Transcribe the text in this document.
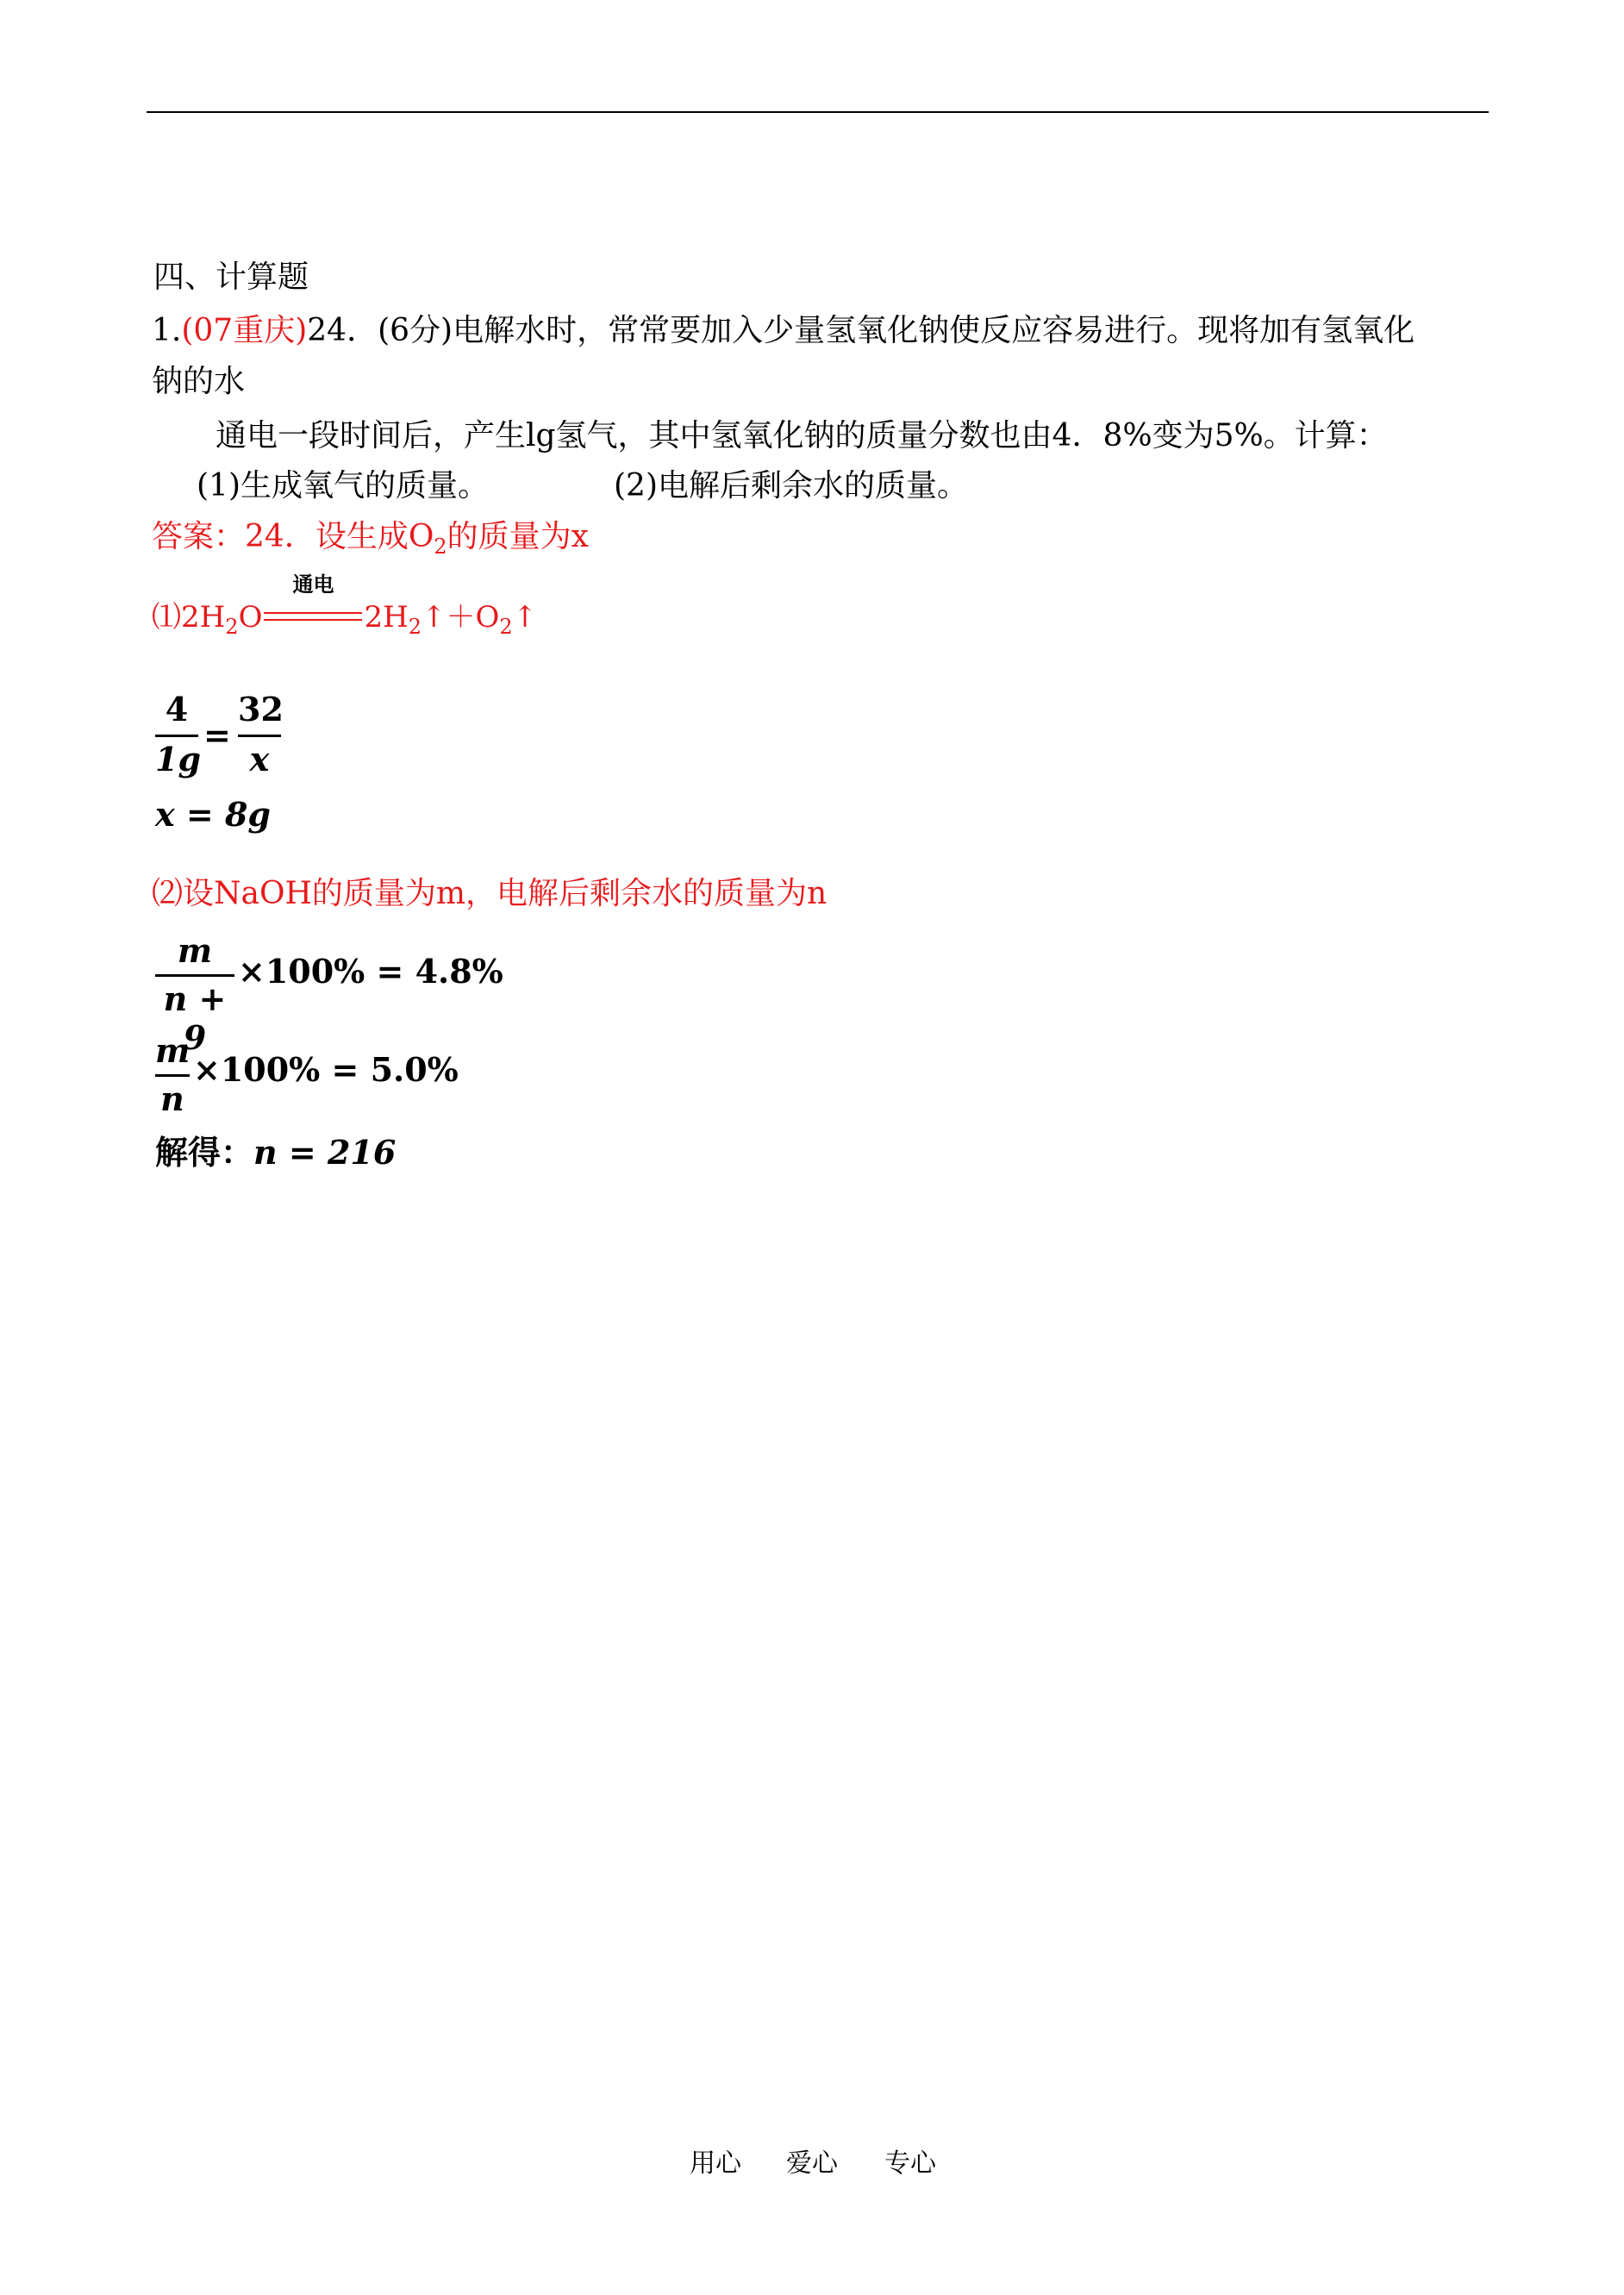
四、计算题
1.(07重庆)24．(6分)电解水时，常常要加入少量氢氧化钠使反应容易进行。现将加有氢氧化
钠的水
通电一段时间后，产生lg氢气，其中氢氧化钠的质量分数也由4．8%变为5%。计算：
(1)生成氧气的质量。	(2)电解后剩余水的质量。
答案：24．设生成$O_2$的质量为x
$⑴2H_2O$
通电
$2H_2↑+O_2↑$
4
1g
=
32
x
x = 8g
⑵设NaOH的质量为m，电解后剩余水的质量为n
m
n + 9
×100% = 4.8%
m
n
×100% = 5.0%
解得：n = 216
用心 爱心 专心
